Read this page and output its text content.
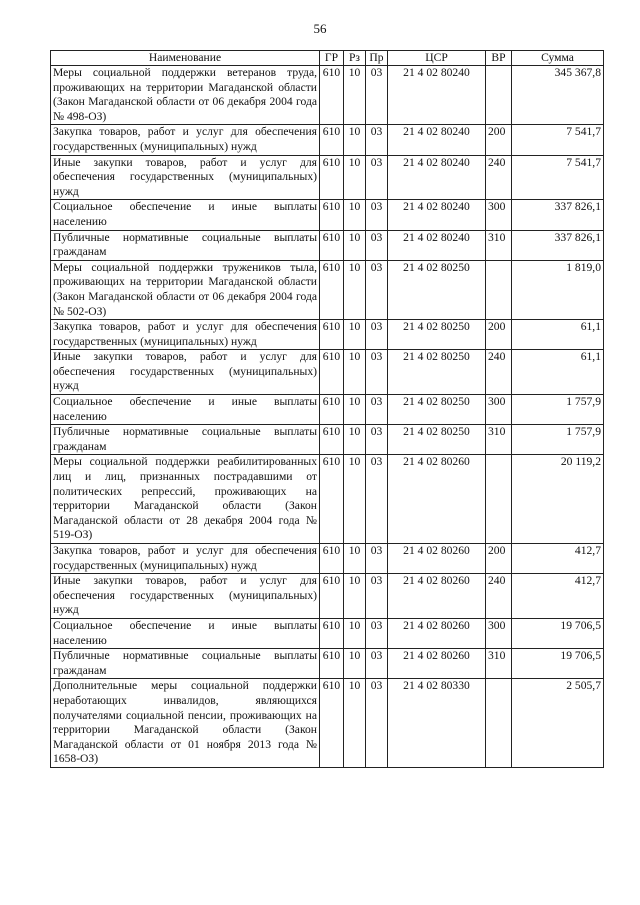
56
Наименование	ГР	Рз	Пр	ЦСР	ВР	Сумма
Меры социальной поддержки ветеранов труда, проживающих на территории Магаданской области (Закон Магаданской области от 06 декабря 2004 года № 498-ОЗ)	610	10	03	21 4 02 80240		345 367,8
Закупка товаров, работ и услуг для обеспечения государственных (муниципальных) нужд	610	10	03	21 4 02 80240	200	7 541,7
Иные закупки товаров, работ и услуг для обеспечения государственных (муниципальных) нужд	610	10	03	21 4 02 80240	240	7 541,7
Социальное обеспечение и иные выплаты населению	610	10	03	21 4 02 80240	300	337 826,1
Публичные нормативные социальные выплаты гражданам	610	10	03	21 4 02 80240	310	337 826,1
Меры социальной поддержки тружеников тыла, проживающих на территории Магаданской области (Закон Магаданской области от 06 декабря 2004 года № 502-ОЗ)	610	10	03	21 4 02 80250		1 819,0
Закупка товаров, работ и услуг для обеспечения государственных (муниципальных) нужд	610	10	03	21 4 02 80250	200	61,1
Иные закупки товаров, работ и услуг для обеспечения государственных (муниципальных) нужд	610	10	03	21 4 02 80250	240	61,1
Социальное обеспечение и иные выплаты населению	610	10	03	21 4 02 80250	300	1 757,9
Публичные нормативные социальные выплаты гражданам	610	10	03	21 4 02 80250	310	1 757,9
Меры социальной поддержки реабилитированных лиц и лиц, признанных пострадавшими от политических репрессий, проживающих на территории Магаданской области (Закон Магаданской области от 28 декабря 2004 года № 519-ОЗ)	610	10	03	21 4 02 80260		20 119,2
Закупка товаров, работ и услуг для обеспечения государственных (муниципальных) нужд	610	10	03	21 4 02 80260	200	412,7
Иные закупки товаров, работ и услуг для обеспечения государственных (муниципальных) нужд	610	10	03	21 4 02 80260	240	412,7
Социальное обеспечение и иные выплаты населению	610	10	03	21 4 02 80260	300	19 706,5
Публичные нормативные социальные выплаты гражданам	610	10	03	21 4 02 80260	310	19 706,5
Дополнительные меры социальной поддержки неработающих инвалидов, являющихся получателями социальной пенсии, проживающих на территории Магаданской области (Закон Магаданской области от 01 ноября 2013 года № 1658-ОЗ)	610	10	03	21 4 02 80330		2 505,7
